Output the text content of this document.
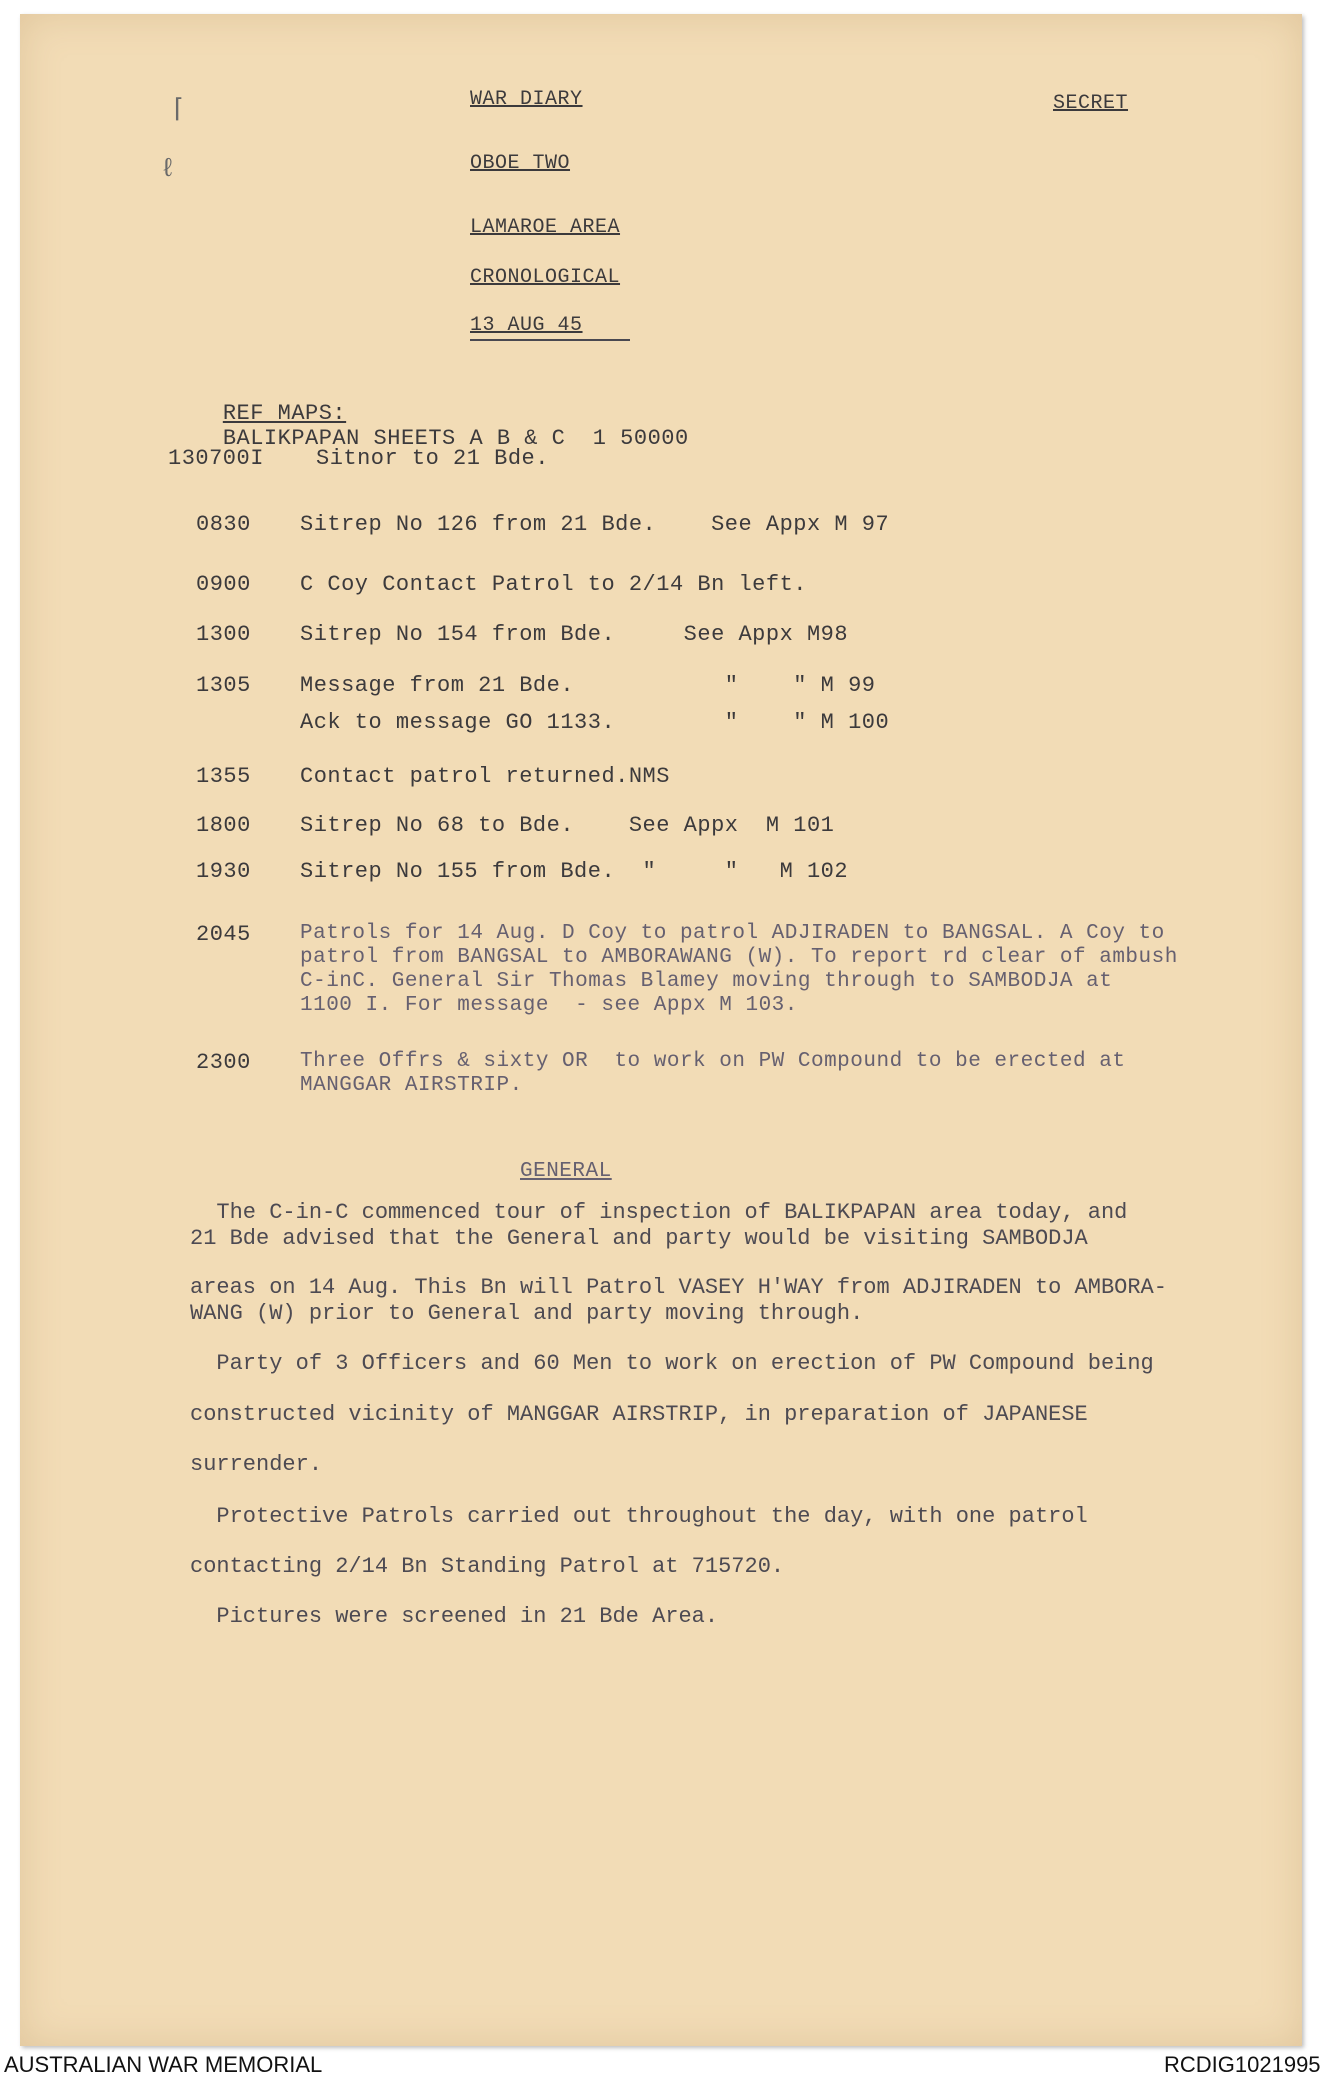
⌈
ℓ
WAR DIARY	SECRET
OBOE TWO
LAMAROE AREA
CRONOLOGICAL
13 AUG 45

REF MAPS:
BALIKPAPAN SHEETS A B & C  1 50000

130700I Sitnor to 21 Bde.
0830 Sitrep No 126 from 21 Bde.    See Appx M 97
0900 C Coy Contact Patrol to 2/14 Bn left.
1300 Sitrep No 154 from Bde.     See Appx M98
1305 Message from 21 Bde.           "    " M 99
Ack to message GO 1133.        "    " M 100
1355 Contact patrol returned.NMS
1800 Sitrep No 68 to Bde.    See Appx  M 101
1930 Sitrep No 155 from Bde.  "     "   M 102
2045 Patrols for 14 Aug. D Coy to patrol ADJIRADEN to BANGSAL. A Coy to
patrol from BANGSAL to AMBORAWANG (W). To report rd clear of ambush
C-inC. General Sir Thomas Blamey moving through to SAMBODJA at
1100 I. For message  - see Appx M 103.
2300 Three Offrs & sixty OR  to work on PW Compound to be erected at
MANGGAR AIRSTRIP.
GENERAL
The C-in-C commenced tour of inspection of BALIKPAPAN area today, and
21 Bde advised that the General and party would be visiting SAMBODJA
areas on 14 Aug. This Bn will Patrol VASEY H'WAY from ADJIRADEN to AMBORA-
WANG (W) prior to General and party moving through.
Party of 3 Officers and 60 Men to work on erection of PW Compound being
constructed vicinity of MANGGAR AIRSTRIP, in preparation of JAPANESE
surrender.
Protective Patrols carried out throughout the day, with one patrol
contacting 2/14 Bn Standing Patrol at 715720.
Pictures were screened in 21 Bde Area.
AUSTRALIAN WAR MEMORIAL	RCDIG1021995
